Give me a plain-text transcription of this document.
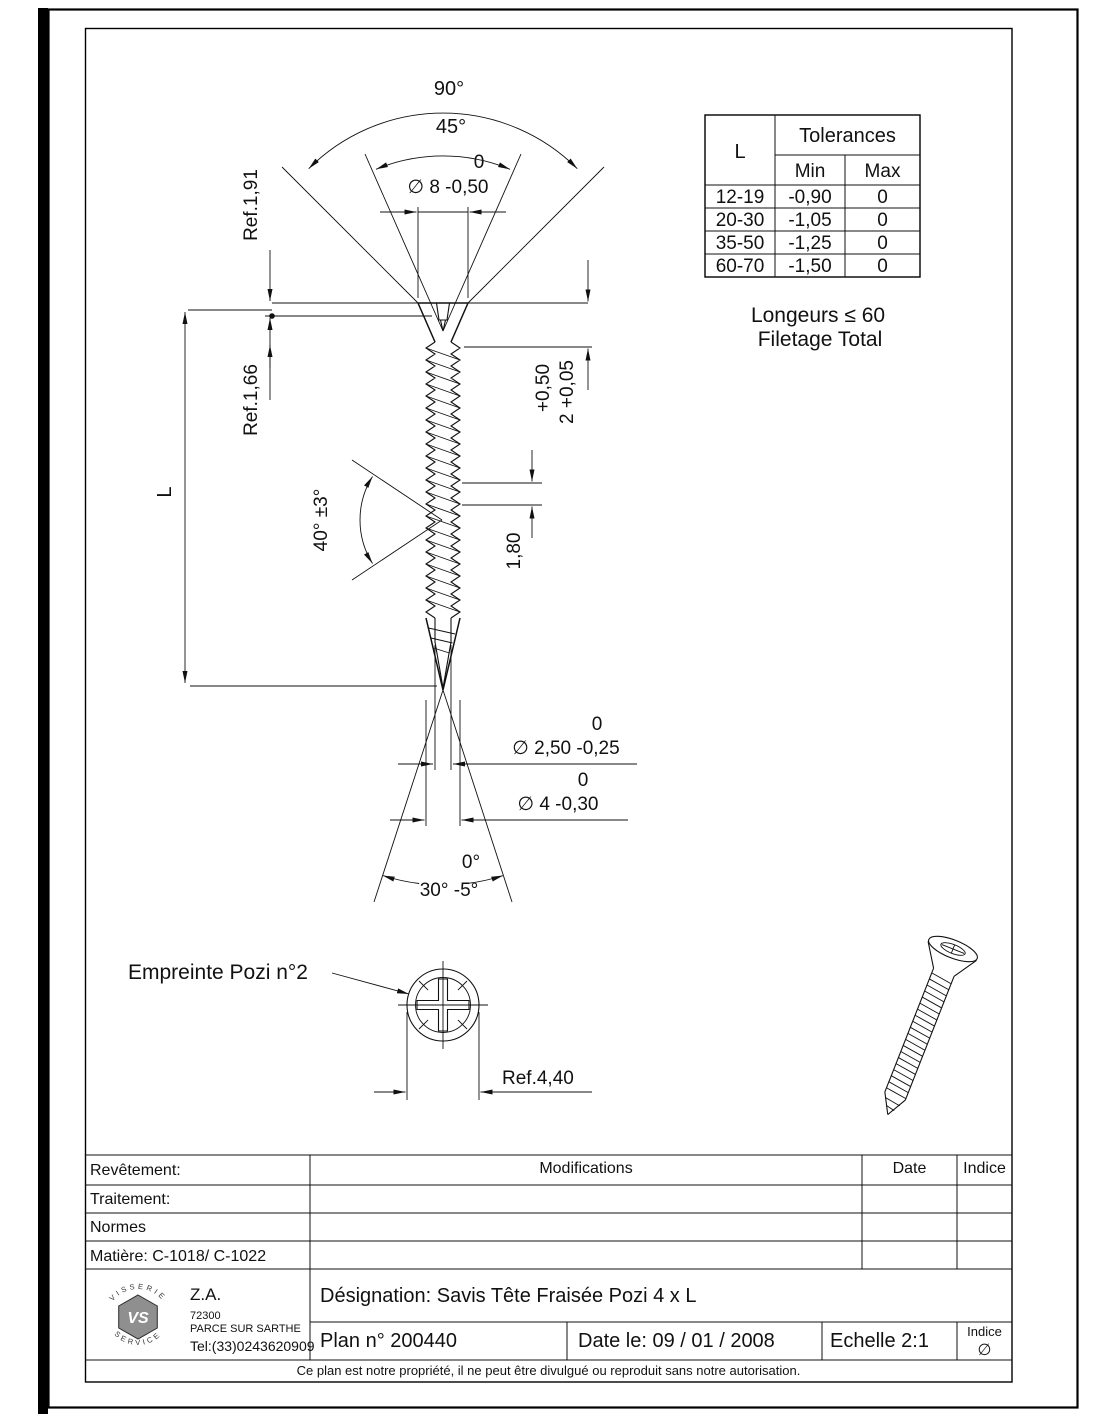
L
Tolerances
Min Max
12-19 -0,90 0
20-30 -1,05 0
35-50 -1,25 0
60-70 -1,50 0
Longeurs ≤ 60
Filetage Total
90°
45°
0
∅ 8 -0,50
Ref.1,91
Ref.1,66
L	40° ±3°
+0,50 2 +0,05
1,80
0
∅ 2,50 -0,25
0
∅ 4 -0,30
0°
30° -5°
Empreinte Pozi n°2
Ref.4,40
Revêtement:	Modifications	Date Indice
Traitement:
Normes
Matière: C-1018/ C-1022
Désignation: Savis Tête Fraisée Pozi 4 x L
Plan n° 200440	Date le: 09 / 01 / 2008	Echelle 2:1	Indice
∅
Ce plan est notre propriété, il ne peut être divulgué ou reproduit sans notre autorisation.
VS
VISSERIE
SERVICE
Z.A.
72300
PARCE SUR SARTHE
Tel:(33)0243620909
